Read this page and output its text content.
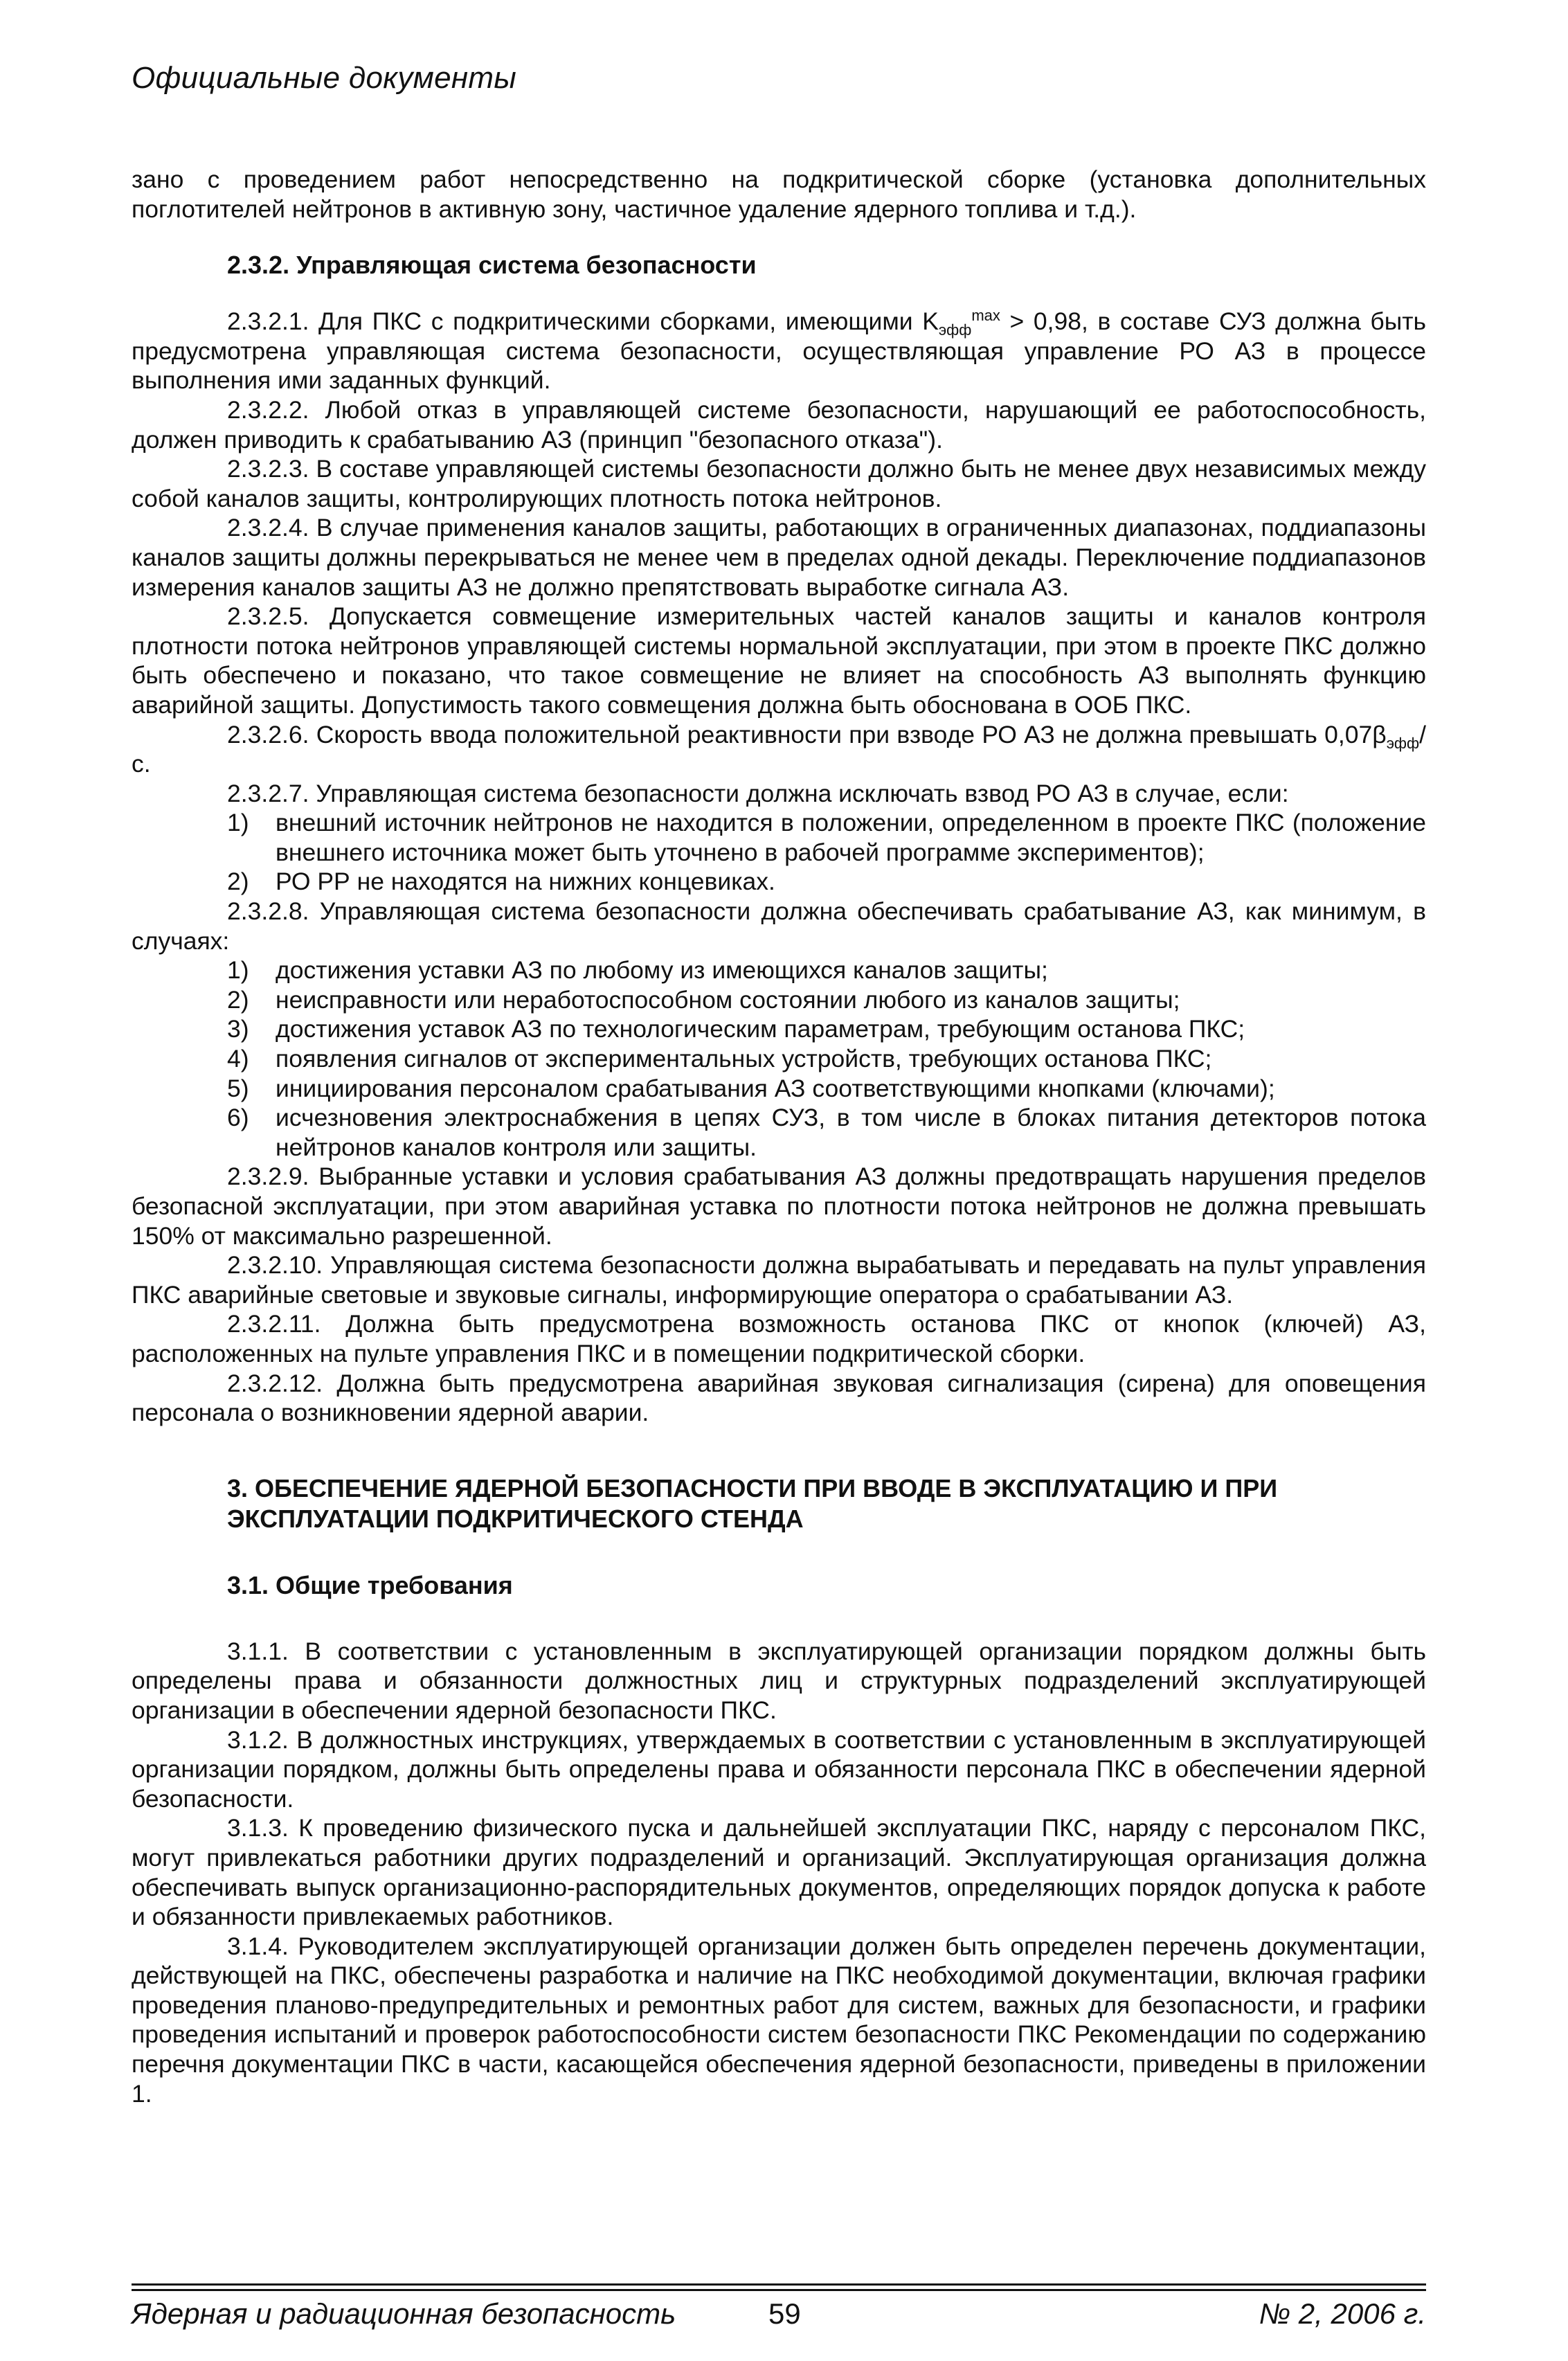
Официальные документы

зано с проведением работ непосредственно на подкритической сборке (установка дополнительных поглотителей нейтронов в активную зону, частичное удаление ядерного топлива и т.д.).

2.3.2. Управляющая система безопасности

2.3.2.1. Для ПКС с подкритическими сборками, имеющими $K_{эфф}^{max} > 0,98$, в составе СУЗ должна быть предусмотрена управляющая система безопасности, осуществляющая управление РО АЗ в процессе выполнения ими заданных функций.

2.3.2.2. Любой отказ в управляющей системе безопасности, нарушающий ее работоспособность, должен приводить к срабатыванию АЗ (принцип "безопасного отказа").

2.3.2.3. В составе управляющей системы безопасности должно быть не менее двух независимых между собой каналов защиты, контролирующих плотность потока нейтронов.

2.3.2.4. В случае применения каналов защиты, работающих в ограниченных диапазонах, поддиапазоны каналов защиты должны перекрываться не менее чем в пределах одной декады. Переключение поддиапазонов измерения каналов защиты АЗ не должно препятствовать выработке сигнала АЗ.

2.3.2.5. Допускается совмещение измерительных частей каналов защиты и каналов контроля плотности потока нейтронов управляющей системы нормальной эксплуатации, при этом в проекте ПКС должно быть обеспечено и показано, что такое совмещение не влияет на способность АЗ выполнять функцию аварийной защиты. Допустимость такого совмещения должна быть обоснована в ООБ ПКС.

2.3.2.6. Скорость ввода положительной реактивности при взводе РО АЗ не должна превышать $0,07\beta_{эфф}/с$.

2.3.2.7. Управляющая система безопасности должна исключать взвод РО АЗ в случае, если:

1) внешний источник нейтронов не находится в положении, определенном в проекте ПКС (положение внешнего источника может быть уточнено в рабочей программе экспериментов);
2) РО РР не находятся на нижних концевиках.

2.3.2.8. Управляющая система безопасности должна обеспечивать срабатывание АЗ, как минимум, в случаях:

1) достижения уставки АЗ по любому из имеющихся каналов защиты;
2) неисправности или неработоспособном состоянии любого из каналов защиты;
3) достижения уставок АЗ по технологическим параметрам, требующим останова ПКС;
4) появления сигналов от экспериментальных устройств, требующих останова ПКС;
5) инициирования персоналом срабатывания АЗ соответствующими кнопками (ключами);
6) исчезновения электроснабжения в цепях СУЗ, в том числе в блоках питания детекторов потока нейтронов каналов контроля или защиты.

2.3.2.9. Выбранные уставки и условия срабатывания АЗ должны предотвращать нарушения пределов безопасной эксплуатации, при этом аварийная уставка по плотности потока нейтронов не должна превышать 150% от максимально разрешенной.

2.3.2.10. Управляющая система безопасности должна вырабатывать и передавать на пульт управления ПКС аварийные световые и звуковые сигналы, информирующие оператора о срабатывании АЗ.

2.3.2.11. Должна быть предусмотрена возможность останова ПКС от кнопок (ключей) АЗ, расположенных на пульте управления ПКС и в помещении подкритической сборки.

2.3.2.12. Должна быть предусмотрена аварийная звуковая сигнализация (сирена) для оповещения персонала о возникновении ядерной аварии.

3. ОБЕСПЕЧЕНИЕ ЯДЕРНОЙ БЕЗОПАСНОСТИ ПРИ ВВОДЕ В ЭКСПЛУАТАЦИЮ И ПРИ ЭКСПЛУАТАЦИИ ПОДКРИТИЧЕСКОГО СТЕНДА
3.1. Общие требования

3.1.1. В соответствии с установленным в эксплуатирующей организации порядком должны быть определены права и обязанности должностных лиц и структурных подразделений эксплуатирующей организации в обеспечении ядерной безопасности ПКС.

3.1.2. В должностных инструкциях, утверждаемых в соответствии с установленным в эксплуатирующей организации порядком, должны быть определены права и обязанности персонала ПКС в обеспечении ядерной безопасности.

3.1.3. К проведению физического пуска и дальнейшей эксплуатации ПКС, наряду с персоналом ПКС, могут привлекаться работники других подразделений и организаций. Эксплуатирующая организация должна обеспечивать выпуск организационно-распорядительных документов, определяющих порядок допуска к работе и обязанности привлекаемых работников.

3.1.4. Руководителем эксплуатирующей организации должен быть определен перечень документации, действующей на ПКС, обеспечены разработка и наличие на ПКС необходимой документации, включая графики проведения планово-предупредительных и ремонтных работ для систем, важных для безопасности, и графики проведения испытаний и проверок работоспособности систем безопасности ПКС Рекомендации по содержанию перечня документации ПКС в части, касающейся обеспечения ядерной безопасности, приведены в приложении 1.

Ядерная и радиационная безопасность	59	№ 2, 2006 г.
